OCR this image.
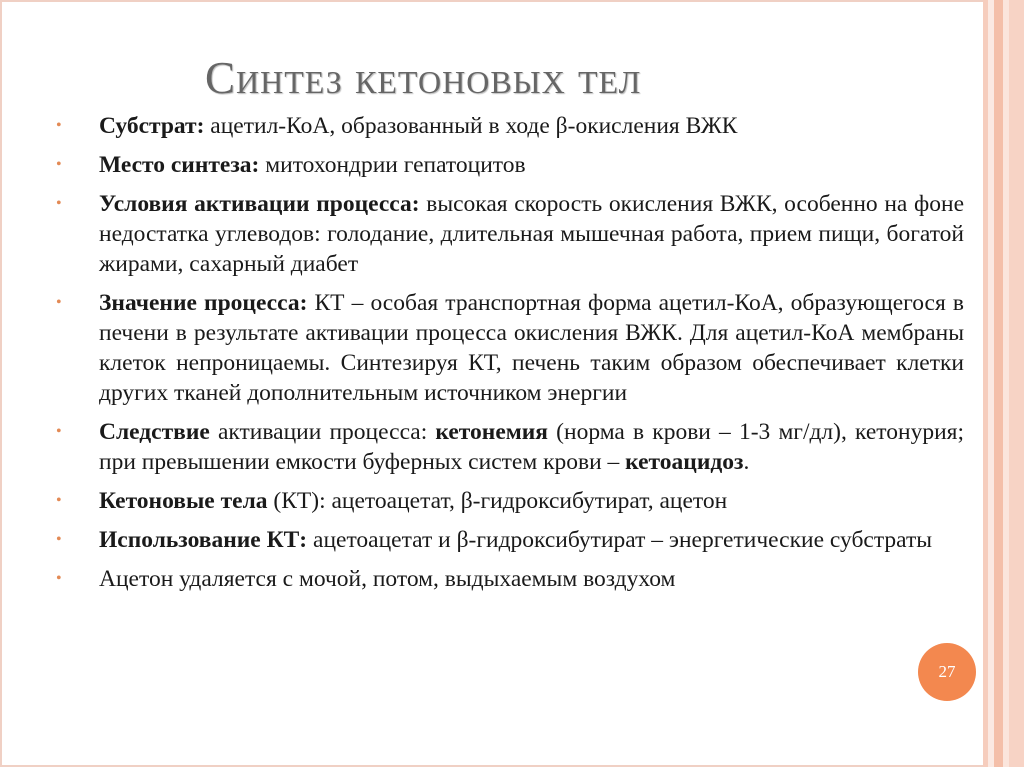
Синтез кетоновых тел
• Субстрат: ацетил-КоА, образованный в ходе β-окисления ВЖК
• Место синтеза: митохондрии гепатоцитов
• Условия активации процесса: высокая скорость окисления ВЖК, особенно на фоне недостатка углеводов: голодание, длительная мышечная работа, прием пищи, богатой жирами, сахарный диабет
• Значение процесса: КТ – особая транспортная форма ацетил-КоА, образующегося в печени в результате активации процесса окисления ВЖК. Для ацетил-КоА мембраны клеток непроницаемы. Синтезируя КТ, печень таким образом обеспечивает клетки других тканей дополнительным источником энергии
• Следствие активации процесса: кетонемия (норма в крови – 1-3 мг/дл), кетонурия; при превышении емкости буферных систем крови – кетоацидоз.
• Кетоновые тела (КТ): ацетоацетат, β-гидроксибутират, ацетон
• Использование КТ: ацетоацетат и β-гидроксибутират – энергетические субстраты
• Ацетон удаляется с мочой, потом, выдыхаемым воздухом
27
